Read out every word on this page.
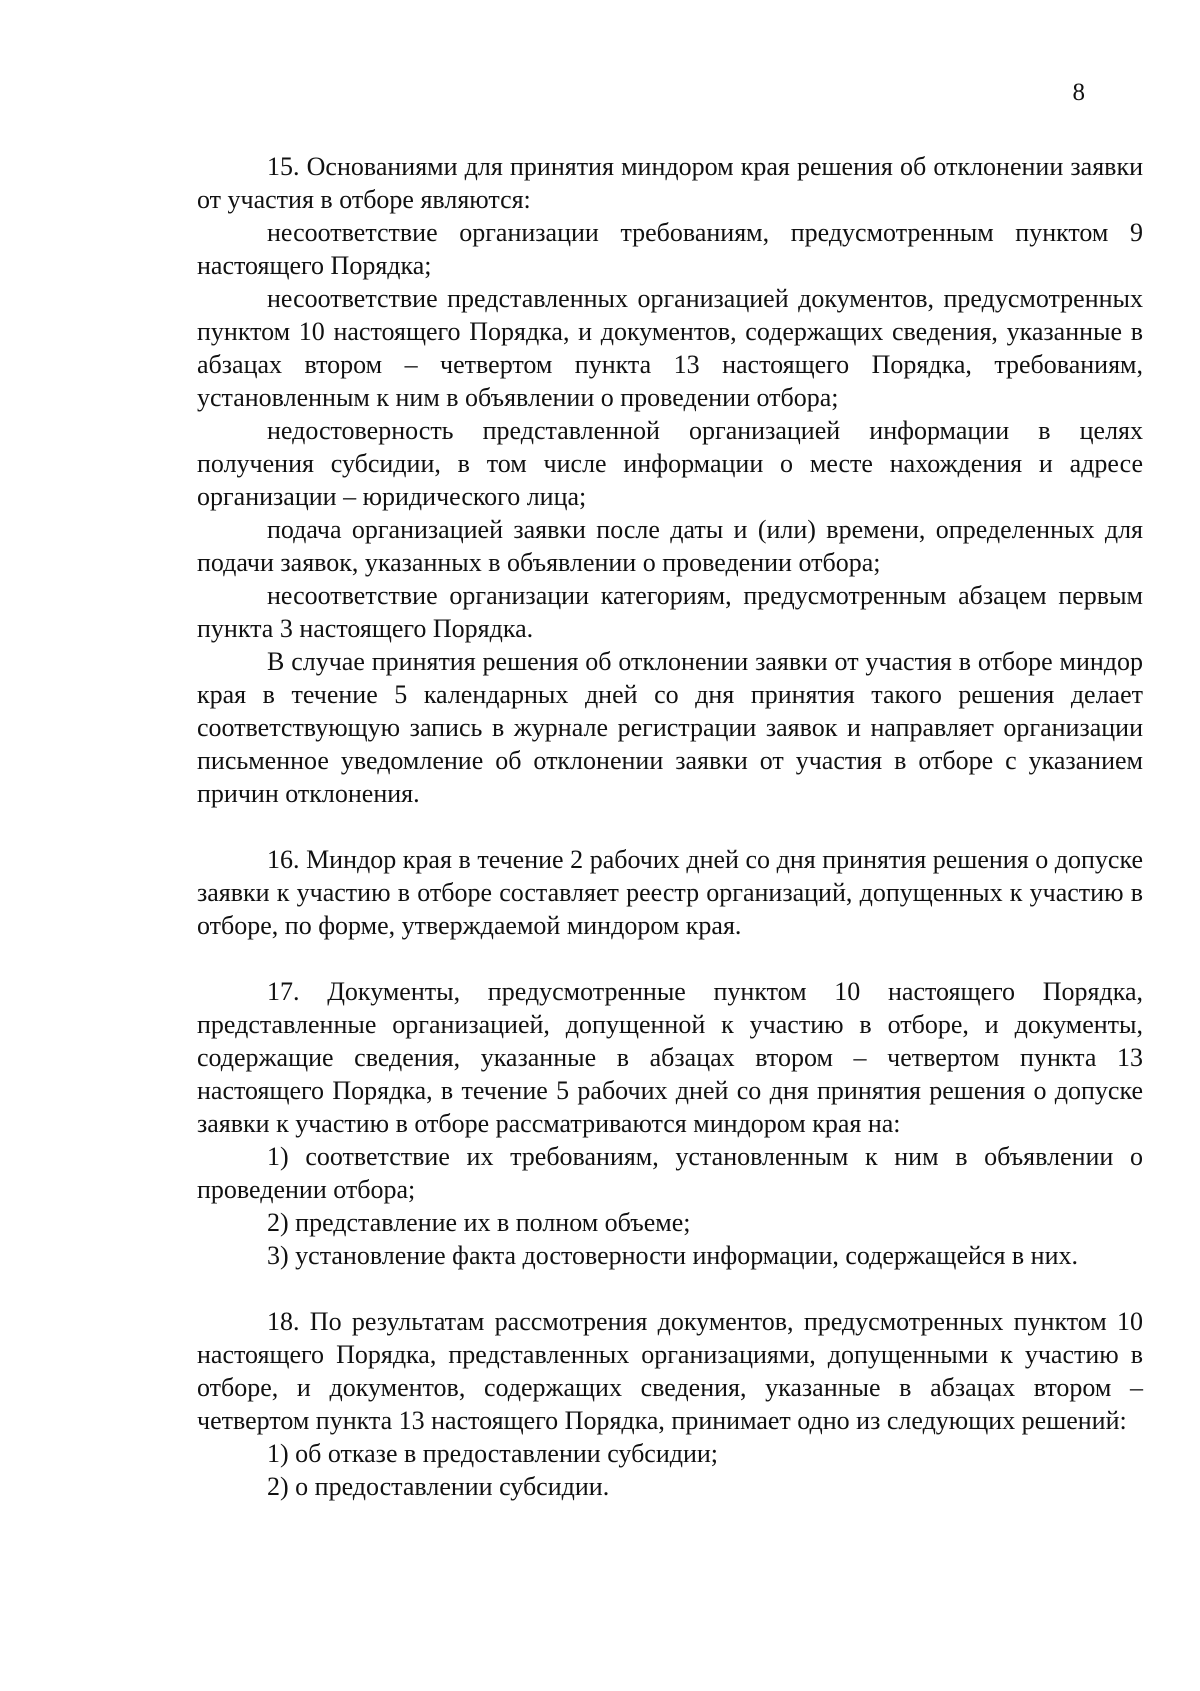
8

15. Основаниями для принятия миндором края решения об отклонении заявки от участия в отборе являются:

несоответствие организации требованиям, предусмотренным пунктом 9 настоящего Порядка;

несоответствие представленных организацией документов, предусмотренных пунктом 10 настоящего Порядка, и документов, содержащих сведения, указанные в абзацах втором – четвертом пункта 13 настоящего Порядка, требованиям, установленным к ним в объявлении о проведении отбора;

недостоверность представленной организацией информации в целях получения субсидии, в том числе информации о месте нахождения и адресе организации – юридического лица;

подача организацией заявки после даты и (или) времени, определенных для подачи заявок, указанных в объявлении о проведении отбора;

несоответствие организации категориям, предусмотренным абзацем первым пункта 3 настоящего Порядка.

В случае принятия решения об отклонении заявки от участия в отборе миндор края в течение 5 календарных дней со дня принятия такого решения делает соответствующую запись в журнале регистрации заявок и направляет организации письменное уведомление об отклонении заявки от участия в отборе с указанием причин отклонения.

16. Миндор края в течение 2 рабочих дней со дня принятия решения о допуске заявки к участию в отборе составляет реестр организаций, допущенных к участию в отборе, по форме, утверждаемой миндором края.

17. Документы, предусмотренные пунктом 10 настоящего Порядка, представленные организацией, допущенной к участию в отборе, и документы, содержащие сведения, указанные в абзацах втором – четвертом пункта 13 настоящего Порядка, в течение 5 рабочих дней со дня принятия решения о допуске заявки к участию в отборе рассматриваются миндором края на:

1) соответствие их требованиям, установленным к ним в объявлении о проведении отбора;

2) представление их в полном объеме;

3) установление факта достоверности информации, содержащейся в них.

18. По результатам рассмотрения документов, предусмотренных пунктом 10 настоящего Порядка, представленных организациями, допущенными к участию в отборе, и документов, содержащих сведения, указанные в абзацах втором – четвертом пункта 13 настоящего Порядка, принимает одно из следующих решений:

1) об отказе в предоставлении субсидии;

2) о предоставлении субсидии.
